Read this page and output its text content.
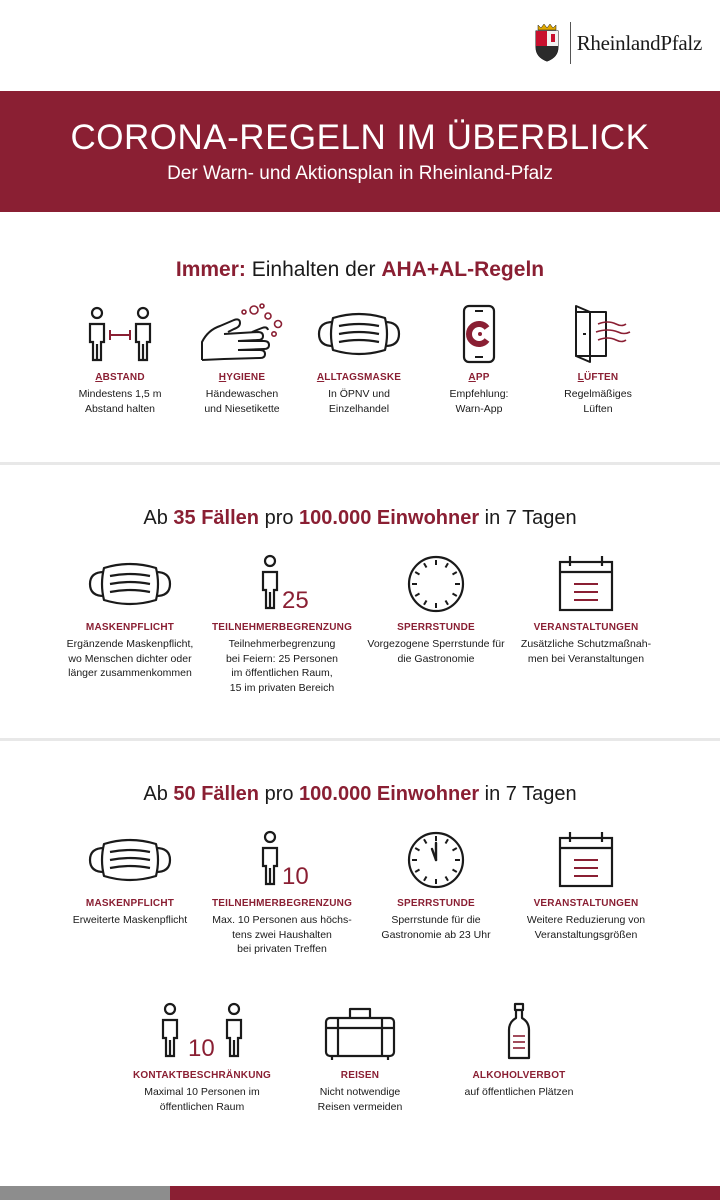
RheinlandPfalz
CORONA-REGELN IM ÜBERBLICK
Der Warn- und Aktionsplan in Rheinland-Pfalz
Immer: Einhalten der AHA+AL-Regeln
ABSTAND
Mindestens 1,5 m
Abstand halten
HYGIENE
Händewaschen
und Niesetikette
ALLTAGSMASKE
In ÖPNV und
Einzelhandel
APP
Empfehlung:
Warn-App
LÜFTEN
Regelmäßiges
Lüften
Ab 35 Fällen pro 100.000 Einwohner in 7 Tagen
MASKENPFLICHT
Ergänzende Maskenpflicht,
wo Menschen dichter oder
länger zusammenkommen
25
TEILNEHMERBEGRENZUNG
Teilnehmerbegrenzung
bei Feiern: 25 Personen
im öffentlichen Raum,
15 im privaten Bereich
SPERRSTUNDE
Vorgezogene Sperrstunde für
die Gastronomie
VERANSTALTUNGEN
Zusätzliche Schutzmaßnah-
men bei Veranstaltungen
Ab 50 Fällen pro 100.000 Einwohner in 7 Tagen
MASKENPFLICHT
Erweiterte Maskenpflicht
10
TEILNEHMERBEGRENZUNG
Max. 10 Personen aus höchs-
tens zwei Haushalten
bei privaten Treffen
SPERRSTUNDE
Sperrstunde für die
Gastronomie ab 23 Uhr
VERANSTALTUNGEN
Weitere Reduzierung von
Veranstaltungsgrößen
10
KONTAKTBESCHRÄNKUNG
Maximal 10 Personen im
öffentlichen Raum
REISEN
Nicht notwendige
Reisen vermeiden
ALKOHOLVERBOT
auf öffentlichen Plätzen
